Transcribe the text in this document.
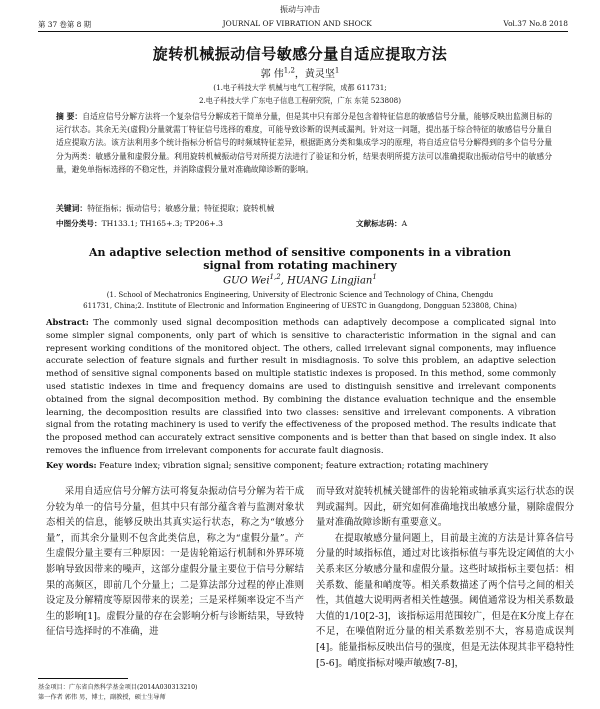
振动与冲击
第 37 卷第 8 期	JOURNAL OF VIBRATION AND SHOCK	Vol.37 No.8 2018
旋转机械振动信号敏感分量自适应提取方法
郭 伟$^{1,2}$，黄灵坚$^1$
(1.电子科技大学 机械与电气工程学院，成都 611731;
2.电子科技大学 广东电子信息工程研究院，广东 东莞 523808)
摘 要：自适应信号分解方法将一个复杂信号分解成若干简单分量，但是其中只有部分是包含着特征信息的敏感信号分量，能够反映出监测目标的运行状态。其余无关(虚假)分量就需丁特征信号选择的难度，可能导致诊断的误判或漏判。针对这一问题，提出基于综合特征的敏感信号分量自适应提取方法。该方法利用多个统计指标分析信号的时频域特征差异，根据距离分类和集成学习的原理，将自适应信号分解得到的多个信号分量分为两类：敏感分量和虚假分量。利用旋转机械振动信号对所提方法进行了验证和分析，结果表明所提方法可以准确提取出振动信号中的敏感分量，避免单指标选择的不稳定性，并消除虚假分量对准确故障诊断的影响。
关键词：特征指标；振动信号；敏感分量；特征提取；旋转机械
中图分类号：TH133.1; TH165+.3; TP206+.3	文献标志码：A
An adaptive selection method of sensitive components in a vibration signal from rotating machinery
GUO Wei$^{1,2}$, HUANG Lingjian$^1$
(1. School of Mechatronics Engineering, University of Electronic Science and Technology of China, Chengdu
611731, China;2. Institute of Electronic and Information Engineering of UESTC in Guangdong, Dongguan 523808, China)
Abstract: The commonly used signal decomposition methods can adaptively decompose a complicated signal into some simpler signal components, only part of which is sensitive to characteristic information in the signal and can represent working conditions of the monitored object. The others, called irrelevant signal components, may influence accurate selection of feature signals and further result in misdiagnosis. To solve this problem, an adaptive selection method of sensitive signal components based on multiple statistic indexes is proposed. In this method, some commonly used statistic indexes in time and frequency domains are used to distinguish sensitive and irrelevant components obtained from the signal decomposition method. By combining the distance evaluation technique and the ensemble learning, the decomposition results are classified into two classes: sensitive and irrelevant components. A vibration signal from the rotating machinery is used to verify the effectiveness of the proposed method. The results indicate that the proposed method can accurately extract sensitive components and is better than that based on single index. It also removes the influence from irrelevant components for accurate fault diagnosis.
Key words: Feature index; vibration signal; sensitive component; feature extraction; rotating machinery

采用自适应信号分解方法可将复杂振动信号分解为若干成分较为单一的信号分量，但其中只有部分蕴含着与监测对象状态相关的信息，能够反映出其真实运行状态，称之为“敏感分量”，而其余分量则不包含此类信息，称之为“虚假分量”。产生虚假分量主要有三种原因：一是齿轮箱运行机制和外界环境影响导致因带来的噪声，这部分虚假分量主要位于信号分解结果的高频区，即前几个分量上；二是算法部分过程的停止准则设定及分解精度等原因带来的误差；三是采样频率设定不当产生的影响[1]。虚假分量的存在会影响分析与诊断结果，导致特征信号选择时的不准确，进

而导致对旋转机械关键部件的齿轮箱或轴承真实运行状态的误判或漏判。因此，研究如何准确地找出敏感分量，剔除虚假分量对准确故障诊断有重要意义。

在提取敏感分量问题上，目前最主流的方法是计算各信号分量的时域指标值，通过对比该指标值与事先设定阈值的大小关系来区分敏感分量和虚假分量。这些时域指标主要包括：相关系数、能量和峭度等。相关系数描述了两个信号之间的相关性，其值越大说明两者相关性越强。阈值通常设为相关系数最大值的1/10[2-3]，该指标运用范围较广，但是在K分度上存在不足，在噪值附近分量的相关系数差别不大，容易造成误判[4]。能量指标反映出信号的强度，但是无法体现其非平稳特性[5-6]。峭度指标对噪声敏感[7-8]，

基金项目：广东省自然科学基金项目(2014A030313210)
第一作者 郭伟 男，博士，副教授，硕士生导师
